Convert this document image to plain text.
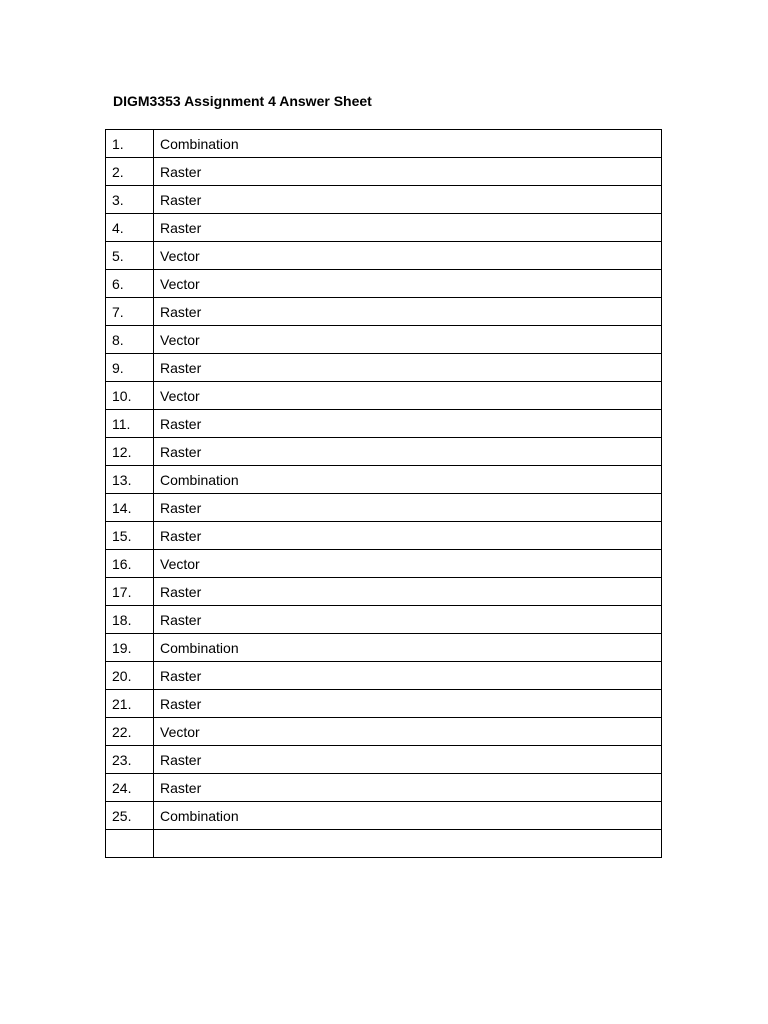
DIGM3353 Assignment 4 Answer Sheet
1.	Combination
2.	Raster
3.	Raster
4.	Raster
5.	Vector
6.	Vector
7.	Raster
8.	Vector
9.	Raster
10.	Vector
11.	Raster
12.	Raster
13.	Combination
14.	Raster
15.	Raster
16.	Vector
17.	Raster
18.	Raster
19.	Combination
20.	Raster
21.	Raster
22.	Vector
23.	Raster
24.	Raster
25.	Combination
